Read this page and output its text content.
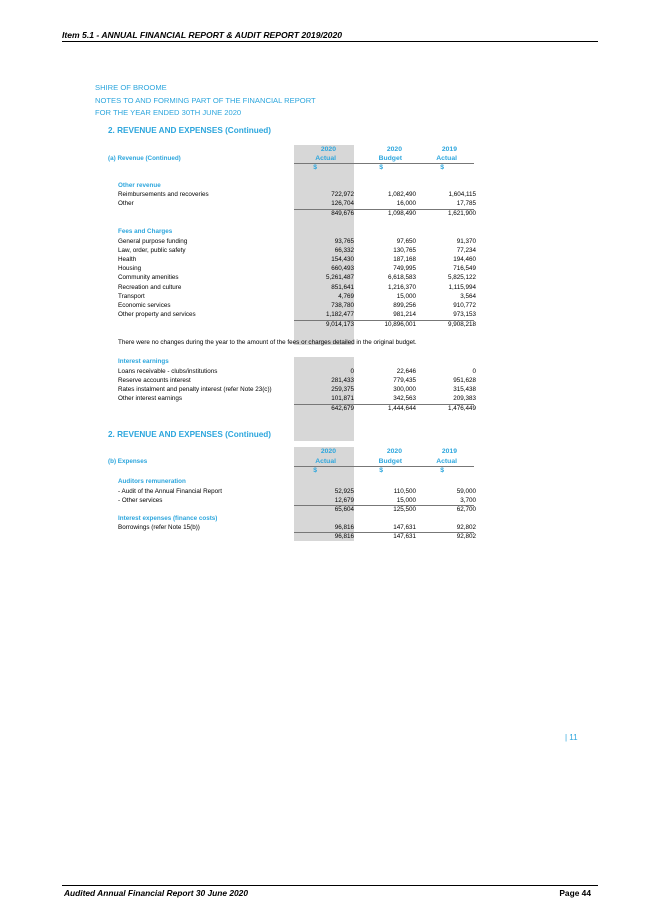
Item 5.1 - ANNUAL FINANCIAL REPORT & AUDIT REPORT 2019/2020
SHIRE OF BROOME
NOTES TO AND FORMING PART OF THE FINANCIAL REPORT
FOR THE YEAR ENDED 30TH JUNE 2020
2. REVENUE AND EXPENSES (Continued)
2020	2020	2019
(a) Revenue (Continued)	Actual	Budget	Actual
$	$	$
Other revenue
Reimbursements and recoveries	722,972	1,082,490	1,604,115
Other	126,704	16,000	17,785
849,676	1,098,490	1,621,900
Fees and Charges
General purpose funding	93,765	97,650	91,370
Law, order, public safety	66,332	130,765	77,234
Health	154,430	187,168	194,460
Housing	660,493	749,995	716,549
Community amenities	5,261,487	6,618,583	5,825,122
Recreation and culture	851,641	1,216,370	1,115,994
Transport	4,769	15,000	3,564
Economic services	738,780	899,256	910,772
Other property and services	1,182,477	981,214	973,153
9,014,173	10,896,001	9,908,218
There were no changes during the year to the amount of the fees or charges detailed in the original budget.
Interest earnings
Loans receivable - clubs/institutions	0	22,646	0
Reserve accounts interest	281,433	779,435	951,628
Rates instalment and penalty interest (refer Note 23(c))	259,375	300,000	315,438
Other interest earnings	101,871	342,563	209,383
642,679	1,444,644	1,476,449
2. REVENUE AND EXPENSES (Continued)
2020	2020	2019
(b) Expenses	Actual	Budget	Actual
$	$	$
Auditors remuneration
- Audit of the Annual Financial Report	52,925	110,500	59,000
- Other services	12,679	15,000	3,700
65,604	125,500	62,700
Interest expenses (finance costs)
Borrowings (refer Note 15(b))	96,816	147,631	92,802
96,816	147,631	92,802
| 11
Audited Annual Financial Report 30 June 2020	Page 44
